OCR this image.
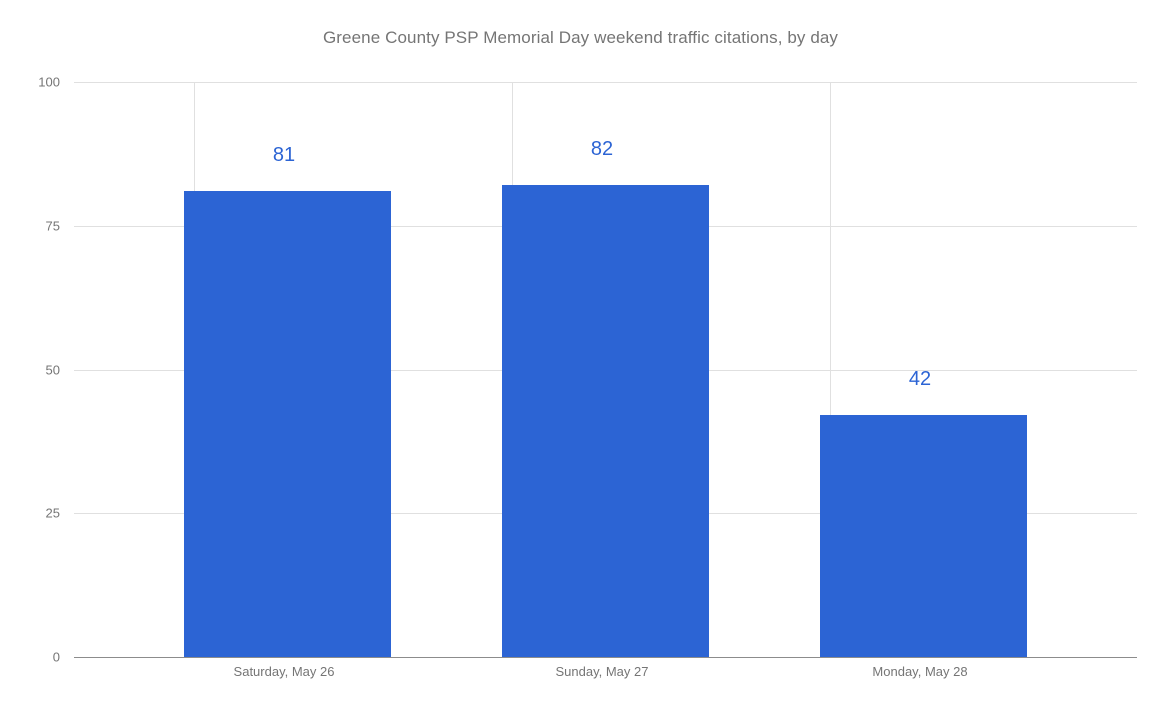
Greene County PSP Memorial Day weekend traffic citations, by day
100
75
50
25
0
81	82
42
Saturday, May 26	Sunday, May 27	Monday, May 28
